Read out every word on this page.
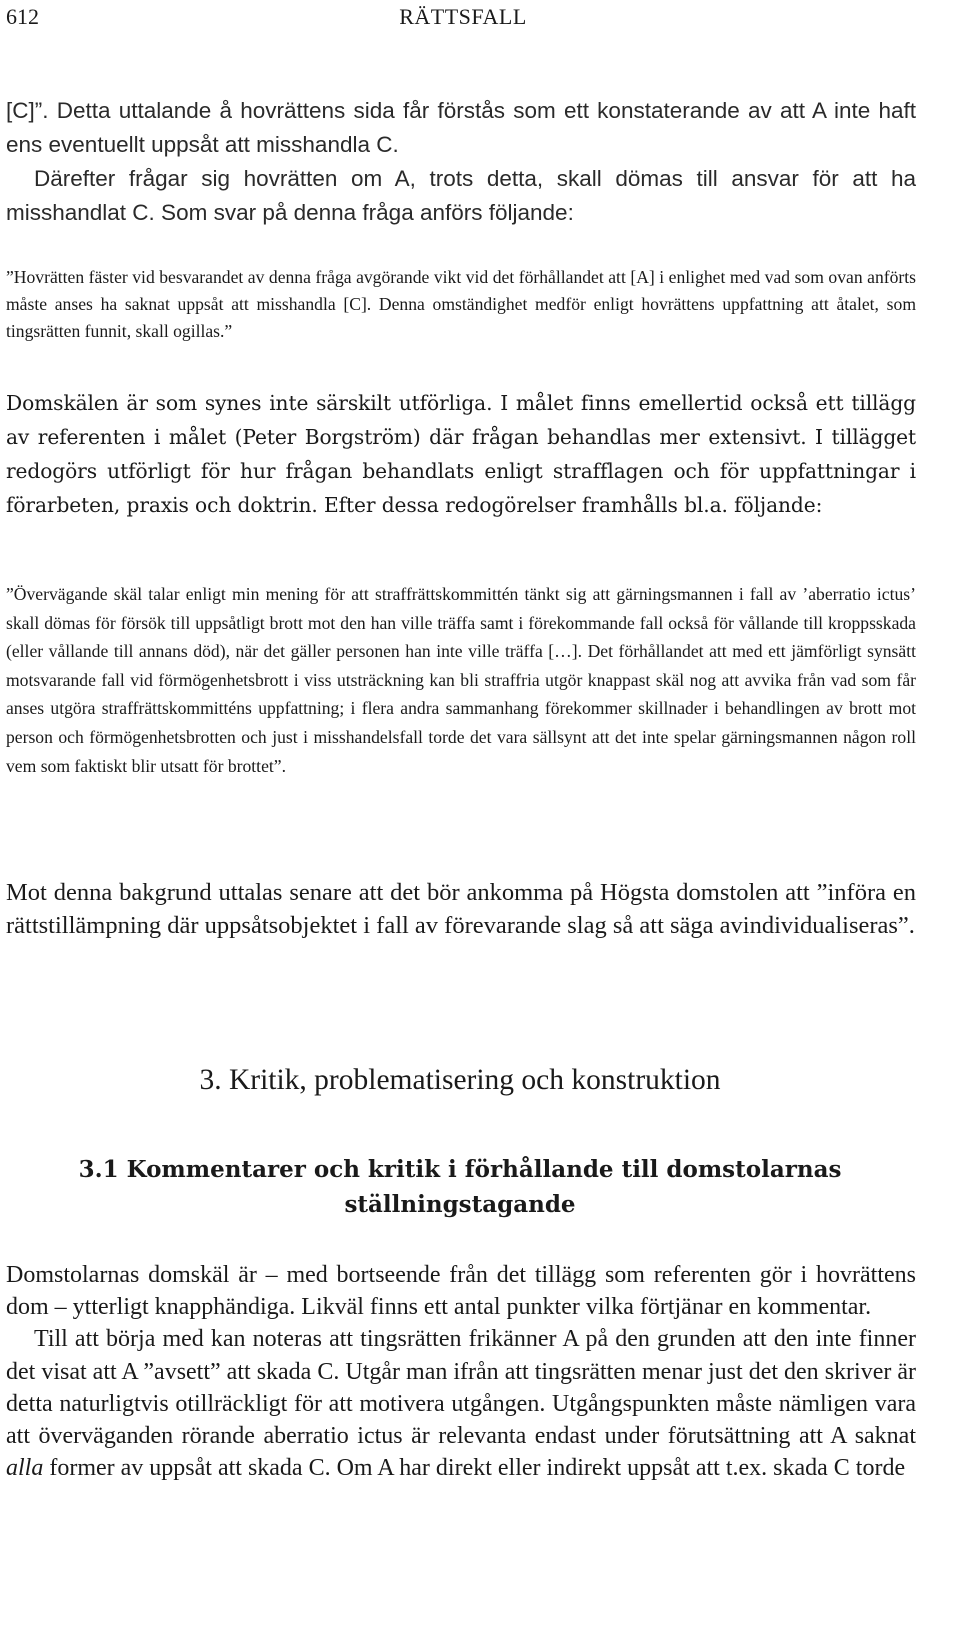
612	RÄTTSFALL

[C]”. Detta uttalande å hovrättens sida får förstås som ett konstaterande av att A inte haft ens eventuellt uppsåt att misshandla C.

Därefter frågar sig hovrätten om A, trots detta, skall dömas till ansvar för att ha misshandlat C. Som svar på denna fråga anförs följande:

”Hovrätten fäster vid besvarandet av denna fråga avgörande vikt vid det förhållandet att [A] i enlighet med vad som ovan anförts måste anses ha saknat uppsåt att misshandla [C]. Denna omständighet medför enligt hovrättens uppfattning att åtalet, som tingsrätten funnit, skall ogillas.”

Domskälen är som synes inte särskilt utförliga. I målet finns emellertid också ett tillägg av referenten i målet (Peter Borgström) där frågan behandlas mer extensivt. I tillägget redogörs utförligt för hur frågan behandlats enligt strafflagen och för uppfattningar i förarbeten, praxis och doktrin. Efter dessa redogörelser framhålls bl.a. följande:

”Övervägande skäl talar enligt min mening för att straffrättskommittén tänkt sig att gärningsmannen i fall av ’aberratio ictus’ skall dömas för försök till uppsåtligt brott mot den han ville träffa samt i förekommande fall också för vållande till kroppsskada (eller vållande till annans död), när det gäller personen han inte ville träffa […]. Det förhållandet att med ett jämförligt synsätt motsvarande fall vid förmögenhetsbrott i viss utsträckning kan bli straffria utgör knappast skäl nog att avvika från vad som får anses utgöra straffrättskommitténs uppfattning; i flera andra sammanhang förekommer skillnader i behandlingen av brott mot person och förmögenhetsbrotten och just i misshandelsfall torde det vara sällsynt att det inte spelar gärningsmannen någon roll vem som faktiskt blir utsatt för brottet”.

Mot denna bakgrund uttalas senare att det bör ankomma på Högsta domstolen att ”införa en rättstillämpning där uppsåtsobjektet i fall av förevarande slag så att säga avindividualiseras”.

3. Kritik, problematisering och konstruktion
3.1 Kommentarer och kritik i förhållande till domstolarnas ställningstagande

Domstolarnas domskäl är – med bortseende från det tillägg som referenten gör i hovrättens dom – ytterligt knapphändiga. Likväl finns ett antal punkter vilka förtjänar en kommentar.

Till att börja med kan noteras att tingsrätten frikänner A på den grunden att den inte finner det visat att A ”avsett” att skada C. Utgår man ifrån att tingsrätten menar just det den skriver är detta naturligtvis otillräckligt för att motivera utgången. Utgångspunkten måste nämligen vara att överväganden rörande aberratio ictus är relevanta endast under förutsättning att A saknat alla former av uppsåt att skada C. Om A har direkt eller indirekt uppsåt att t.ex. skada C torde
